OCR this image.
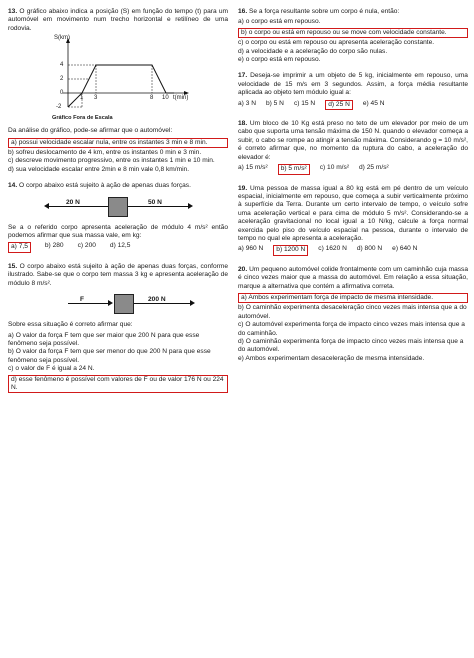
13. O gráfico abaixo indica a posição (S) em função do tempo (t) para um automóvel em movimento num trecho horizontal e retilíneo de uma rodovia.

S(km)
4
2
0
-2
1 3	8 10 t(min)
Gráfico Fora de Escala

Da análise do gráfico, pode-se afirmar que o automóvel:

a) possui velocidade escalar nula, entre os instantes 3 min e 8 min.

b) sofreu deslocamento de 4 km, entre os instantes 0 min e 3 min.

c) descreve movimento progressivo, entre os instantes 1 min e 10 min.

d) sua velocidade escalar entre 2min e 8 min vale 0,8 km/min.

14. O corpo abaixo está sujeito à ação de apenas duas forças.

20 N	50 N

Se a o referido corpo apresenta aceleração de módulo 4 m/s² então podemos afirmar que sua massa vale, em kg:

a) 7,5	b) 280 c) 200 d) 12,5

15. O corpo abaixo está sujeito à ação de apenas duas forças, conforme ilustrado. Sabe-se que o corpo tem massa 3 kg e apresenta aceleração de módulo 8 m/s².

F	200 N

Sobre essa situação é correto afirmar que:

a) O valor da força F tem que ser maior que 200 N para que esse fenômeno seja possível.

b) O valor da força F tem que ser menor do que 200 N para que esse fenômeno seja possível.

c) o valor de F é igual a 24 N.

d) esse fenômeno é possível com valores de F ou de valor 176 N ou 224 N.

16. Se a força resultante sobre um corpo é nula, então:

a) o corpo está em repouso.

b) o corpo ou está em repouso ou se move com velocidade constante.

c) o corpo ou está em repouso ou apresenta aceleração constante.

d) a velocidade e a aceleração do corpo são nulas.

e) o corpo está em repouso.

17. Deseja-se imprimir a um objeto de 5 kg, inicialmente em repouso, uma velocidade de 15 m/s em 3 segundos. Assim, a força média resultante aplicada ao objeto tem módulo igual a:

a) 3 N b) 5 N c) 15 N	d) 25 N	e) 45 N

18. Um bloco de 10 Kg está preso no teto de um elevador por meio de um cabo que suporta uma tensão máxima de 150 N. quando o elevador começa a subir, o cabo se rompe ao atingir a tensão máxima. Considerando g = 10 m/s², é correto afirmar que, no momento da ruptura do cabo, a aceleração do elevador é:

a) 15 m/s²	b) 5 m/s²	c) 10 m/s² d) 25 m/s²

19. Uma pessoa de massa igual a 80 kg está em pé dentro de um veículo espacial, inicialmente em repouso, que começa a subir verticalmente próximo à superfície da Terra. Durante um certo intervalo de tempo, o veículo sofre uma aceleração vertical e para cima de módulo 5 m/s². Considerando-se a aceleração gravitacional no local igual a 10 N/kg, calcule a força normal exercida pelo piso do veículo espacial na pessoa, durante o intervalo de tempo no qual ele apresenta a aceleração.

a) 960 N	b) 1200 N	c) 1620 N d) 800 N e) 640 N

20. Um pequeno automóvel colide frontalmente com um caminhão cuja massa é cinco vezes maior que a massa do automóvel. Em relação a essa situação, marque a alternativa que contém a afirmativa correta.

a) Ambos experimentam força de impacto de mesma intensidade.

b) O caminhão experimenta desaceleração cinco vezes mais intensa que a do automóvel.

c) O automóvel experimenta força de impacto cinco vezes mais intensa que a do caminhão.

d) O caminhão experimenta força de impacto cinco vezes mais intensa que a do automóvel.

e) Ambos experimentam desaceleração de mesma intensidade.
